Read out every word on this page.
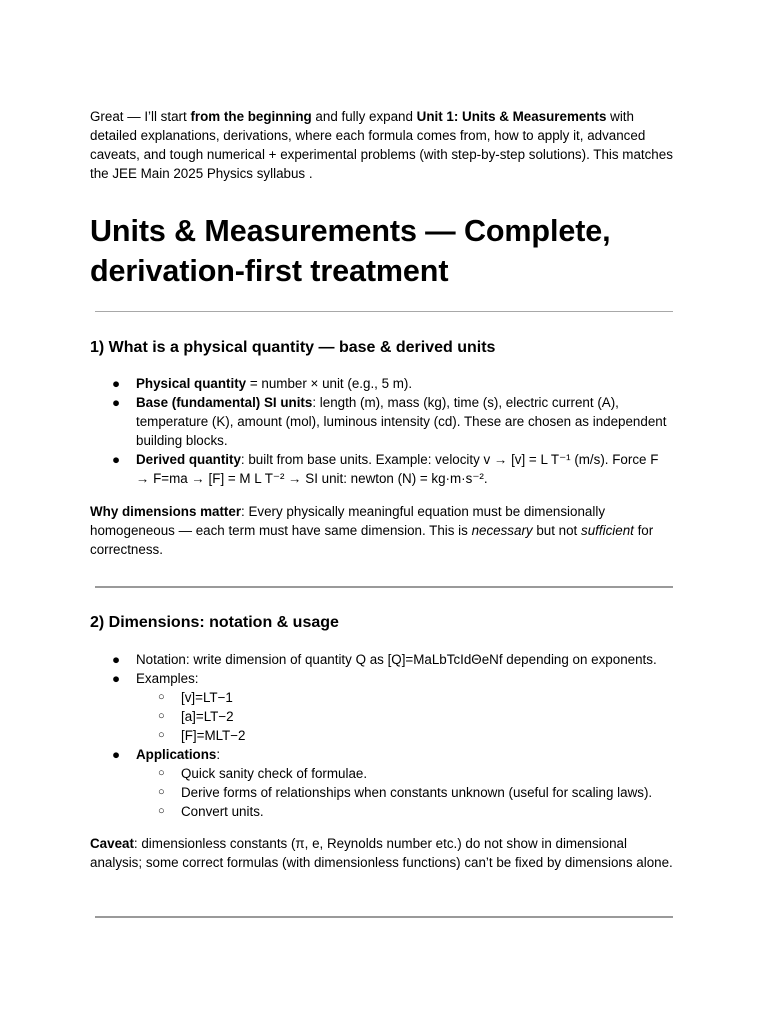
Great — I’ll start from the beginning and fully expand Unit 1: Units & Measurements with detailed explanations, derivations, where each formula comes from, how to apply it, advanced caveats, and tough numerical + experimental problems (with step-by-step solutions). This matches the JEE Main 2025 Physics syllabus .

Units & Measurements — Complete, derivation-first treatment
1) What is a physical quantity — base & derived units
● Physical quantity = number × unit (e.g., 5 m).
● Base (fundamental) SI units: length (m), mass (kg), time (s), electric current (A), temperature (K), amount (mol), luminous intensity (cd). These are chosen as independent building blocks.
● Derived quantity: built from base units. Example: velocity v → [v] = L T⁻¹ (m/s). Force F → F=ma → [F] = M L T⁻² → SI unit: newton (N) = kg·m·s⁻².

Why dimensions matter: Every physically meaningful equation must be dimensionally homogeneous — each term must have same dimension. This is necessary but not sufficient for correctness.

2) Dimensions: notation & usage
● Notation: write dimension of quantity Q as [Q]=MaLbTcIdΘeNf depending on exponents.
● Examples:
○ [v]=LT−1
○ [a]=LT−2
○ [F]=MLT−2
● Applications:
○ Quick sanity check of formulae.
○ Derive forms of relationships when constants unknown (useful for scaling laws).
○ Convert units.

Caveat: dimensionless constants (π, e, Reynolds number etc.) do not show in dimensional analysis; some correct formulas (with dimensionless functions) can’t be fixed by dimensions alone.
